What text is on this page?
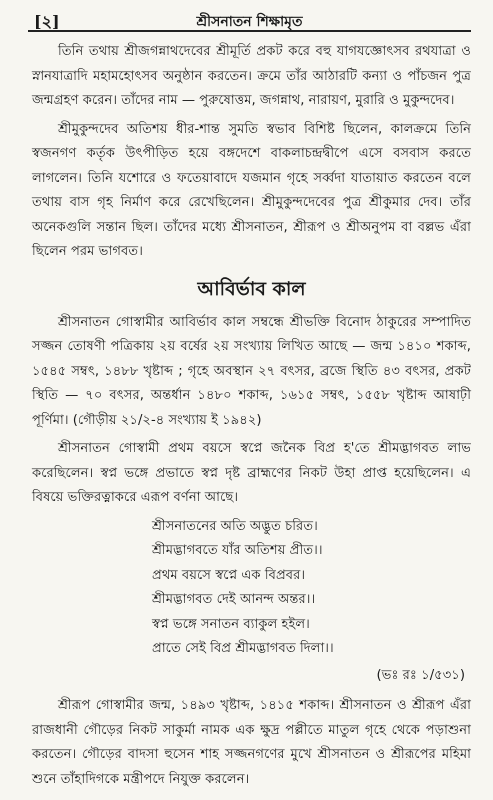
[২]	শ্রীসনাতন শিক্ষামৃত

তিনি তথায় শ্রীজগন্নাথদেবের শ্রীমূর্তি প্রকট করে বহু যাগযজ্ঞোৎসব রথযাত্রা ও স্নানযাত্রাদি মহামহোৎসব অনুষ্ঠান করতেন। ক্রমে তাঁর আঠারটি কন্যা ও পাঁচজন পুত্র জন্মগ্রহণ করেন। তাঁদের নাম — পুরুষোত্তম, জগন্নাথ, নারায়ণ, মুরারি ও মুকুন্দদেব।

শ্রীমুকুন্দদেব অতিশয় ধীর-শান্ত সুমতি স্বভাব বিশিষ্ট ছিলেন, কালক্রমে তিনি স্বজনগণ কর্তৃক উৎপীড়িত হয়ে বঙ্গদেশে বাকলাচন্দ্রদ্বীপে এসে বসবাস করতে লাগলেন। তিনি যশোরে ও ফতেয়াবাদে যজমান গৃহে সর্ব্বদা যাতায়াত করতেন বলে তথায় বাস গৃহ নির্মাণ করে রেখেছিলেন। শ্রীমুকুন্দদেবের পুত্র শ্রীকুমার দেব। তাঁর অনেকগুলি সন্তান ছিল। তাঁদের মধ্যে শ্রীসনাতন, শ্রীরূপ ও শ্রীঅনুপম বা বল্লভ এঁরা ছিলেন পরম ভাগবত।

আবির্ভাব কাল

শ্রীসনাতন গোস্বামীর আবির্ভাব কাল সম্বন্ধে শ্রীভক্তি বিনোদ ঠাকুরের সম্পাদিত সজ্জন তোষণী পত্রিকায় ২য় বর্ষের ২য় সংখ্যায় লিখিত আছে — জন্ম ১৪১০ শকাব্দ, ১৫৪৫ সম্বৎ, ১৪৮৮ খৃষ্টাব্দ ; গৃহে অবস্থান ২৭ বৎসর, ব্রজে স্থিতি ৪৩ বৎসর, প্রকট স্থিতি — ৭০ বৎসর, অন্তর্ধান ১৪৮০ শকাব্দ, ১৬১৫ সম্বৎ, ১৫৫৮ খৃষ্টাব্দ আষাঢ়ী পূর্ণিমা। (গৌড়ীয় ২১/২-৪ সংখ্যায় ই ১৯৪২)

শ্রীসনাতন গোস্বামী প্রথম বয়সে স্বপ্নে জনৈক বিপ্র হ'তে শ্রীমদ্ভাগবত লাভ করেছিলেন। স্বপ্ন ভঙ্গে প্রভাতে স্বপ্ন দৃষ্ট ব্রাহ্মণের নিকট উহা প্রাপ্ত হয়েছিলেন। এ বিষয়ে ভক্তিরত্নাকরে এরূপ বর্ণনা আছে।

শ্রীসনাতনের অতি অদ্ভুত চরিত।
শ্রীমদ্ভাগবতে যাঁর অতিশয় প্রীত।।
প্রথম বয়সে স্বপ্নে এক বিপ্রবর।
শ্রীমদ্ভাগবত দেই আনন্দ অন্তর।।
স্বপ্ন ভঙ্গে সনাতন ব্যাকুল হইল।
প্রাতে সেই বিপ্র শ্রীমদ্ভাগবত দিলা।।
(ভঃ রঃ ১/৫৩১)

শ্রীরূপ গোস্বামীর জন্ম, ১৪৯৩ খৃষ্টাব্দ, ১৪১৫ শকাব্দ। শ্রীসনাতন ও শ্রীরূপ এঁরা রাজধানী গৌড়ের নিকট সাকুর্মা নামক এক ক্ষুদ্র পল্লীতে মাতুল গৃহে থেকে পড়াশুনা করতেন। গৌড়ের বাদসা হুসেন শাহ সজ্জনগণের মুখে শ্রীসনাতন ও শ্রীরূপের মহিমা শুনে তাঁহাদিগকে মন্ত্রীপদে নিযুক্ত করলেন।
